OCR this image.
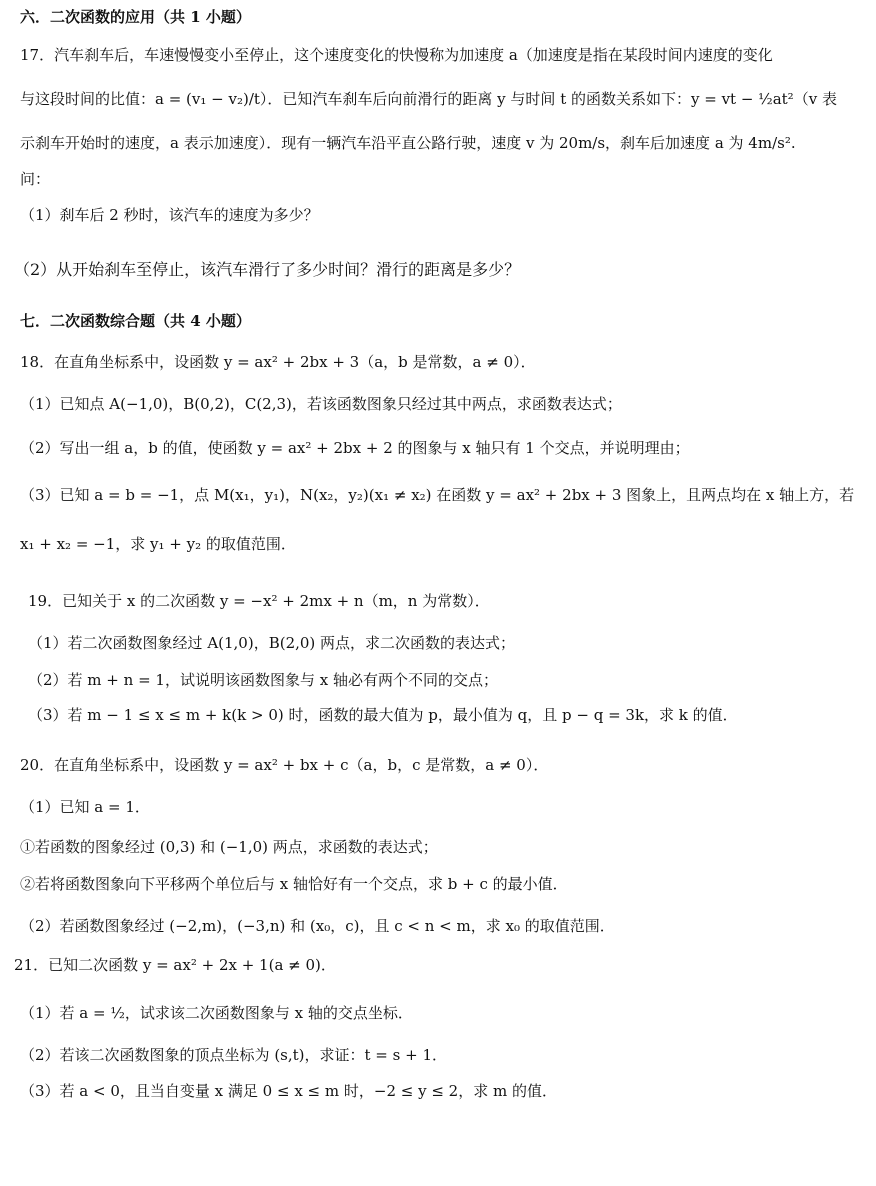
六．二次函数的应用（共 1 小题）
17．汽车刹车后，车速慢慢变小至停止，这个速度变化的快慢称为加速度 a（加速度是指在某段时间内速度的变化
与这段时间的比值：a = (v₁ − v₂)/t）．已知汽车刹车后向前滑行的距离 y 与时间 t 的函数关系如下：y = vt − ½at²（v 表
示刹车开始时的速度，a 表示加速度）．现有一辆汽车沿平直公路行驶，速度 v 为 20m/s，刹车后加速度 a 为 4m/s².
问：
（1）刹车后 2 秒时，该汽车的速度为多少？
（2）从开始刹车至停止，该汽车滑行了多少时间？滑行的距离是多少？
七．二次函数综合题（共 4 小题）
18．在直角坐标系中，设函数 y = ax² + 2bx + 3（a，b 是常数，a ≠ 0）．
（1）已知点 A(−1,0)，B(0,2)，C(2,3)，若该函数图象只经过其中两点，求函数表达式；
（2）写出一组 a，b 的值，使函数 y = ax² + 2bx + 2 的图象与 x 轴只有 1 个交点，并说明理由；
（3）已知 a = b = −1，点 M(x₁，y₁)，N(x₂，y₂)(x₁ ≠ x₂) 在函数 y = ax² + 2bx + 3 图象上，且两点均在 x 轴上方，若
x₁ + x₂ = −1，求 y₁ + y₂ 的取值范围．
19．已知关于 x 的二次函数 y = −x² + 2mx + n（m，n 为常数）．
（1）若二次函数图象经过 A(1,0)，B(2,0) 两点，求二次函数的表达式；
（2）若 m + n = 1，试说明该函数图象与 x 轴必有两个不同的交点；
（3）若 m − 1 ≤ x ≤ m + k(k > 0) 时，函数的最大值为 p，最小值为 q，且 p − q = 3k，求 k 的值．
20．在直角坐标系中，设函数 y = ax² + bx + c（a，b，c 是常数，a ≠ 0）．
（1）已知 a = 1．
①若函数的图象经过 (0,3) 和 (−1,0) 两点，求函数的表达式；
②若将函数图象向下平移两个单位后与 x 轴恰好有一个交点，求 b + c 的最小值．
（2）若函数图象经过 (−2,m)，(−3,n) 和 (x₀，c)，且 c < n < m，求 x₀ 的取值范围．
21．已知二次函数 y = ax² + 2x + 1(a ≠ 0)．
（1）若 a = ½，试求该二次函数图象与 x 轴的交点坐标．
（2）若该二次函数图象的顶点坐标为 (s,t)，求证：t = s + 1．
（3）若 a < 0，且当自变量 x 满足 0 ≤ x ≤ m 时，−2 ≤ y ≤ 2，求 m 的值．
